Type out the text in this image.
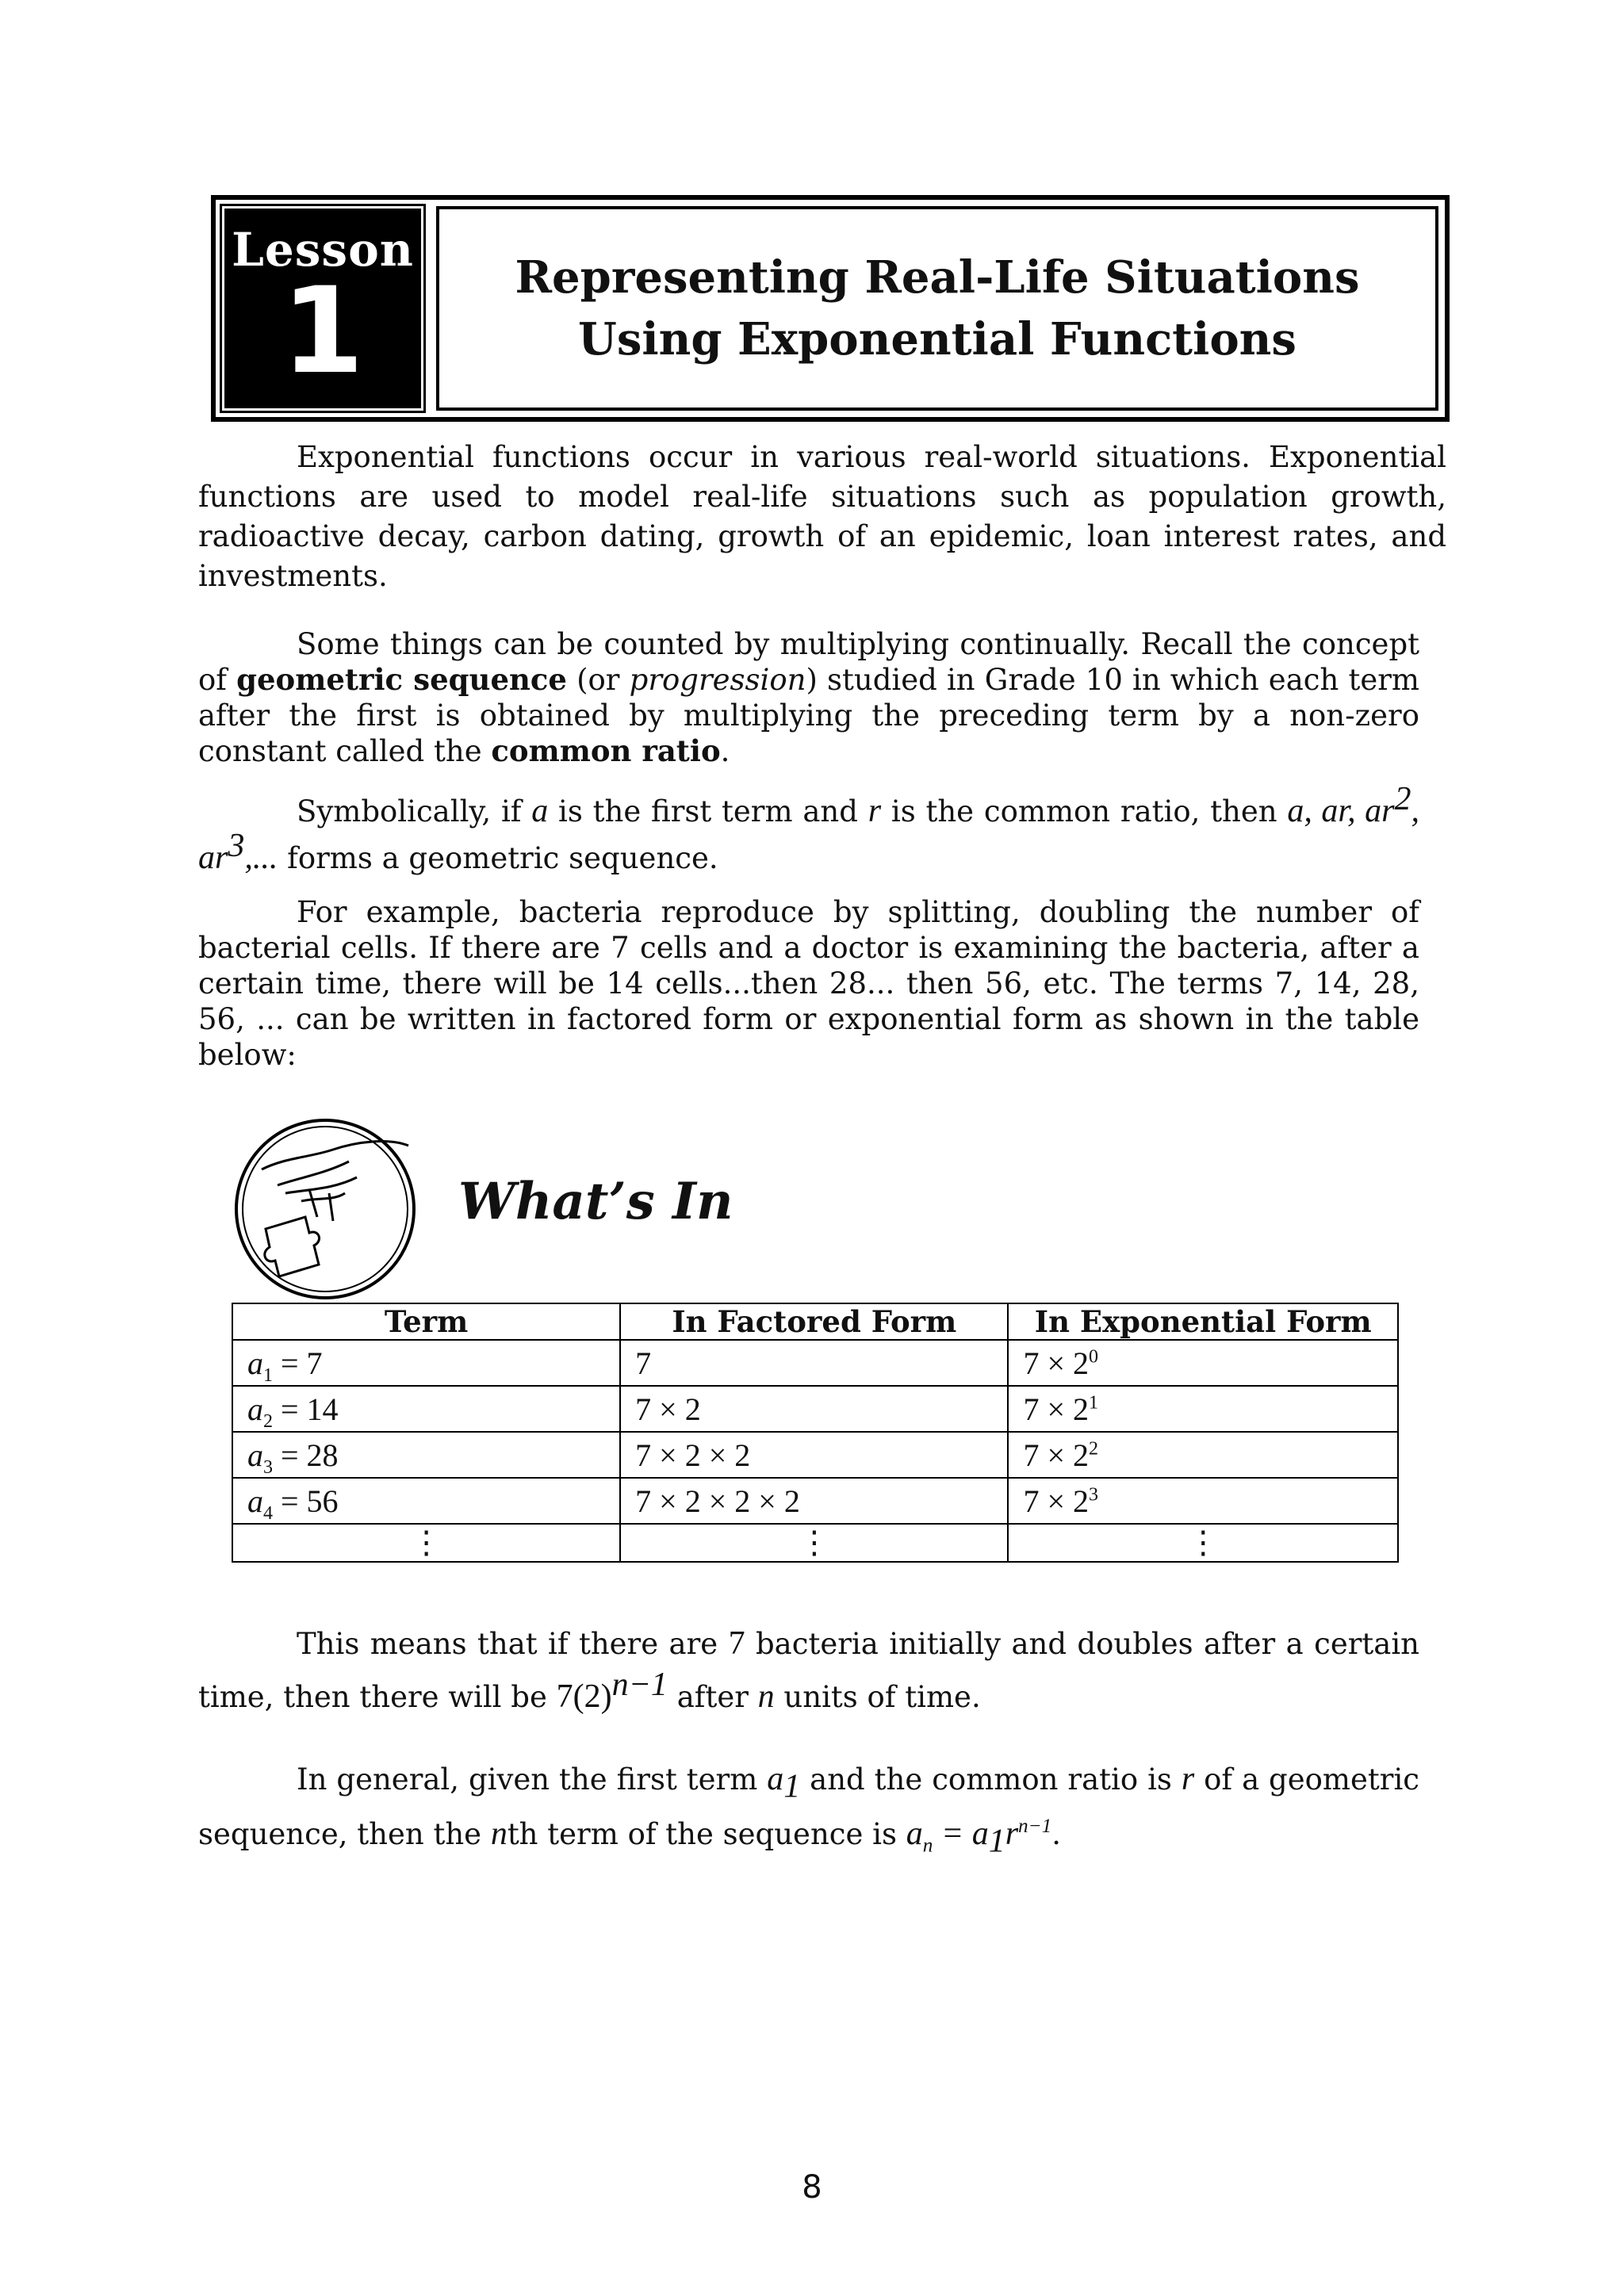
Lesson
1	Representing Real-Life Situations
Using Exponential Functions
Exponential functions occur in various real-world situations. Exponential functions are used to model real-life situations such as population growth, radioactive decay, carbon dating, growth of an epidemic, loan interest rates, and investments.
Some things can be counted by multiplying continually. Recall the concept of geometric sequence (or progression) studied in Grade 10 in which each term after the first is obtained by multiplying the preceding term by a non-zero constant called the common ratio.
Symbolically, if a is the first term and r is the common ratio, then a, ar, $ar^2$, $ar^3$,... forms a geometric sequence.
For example, bacteria reproduce by splitting, doubling the number of bacterial cells. If there are 7 cells and a doctor is examining the bacteria, after a certain time, there will be 14 cells...then 28... then 56, etc. The terms 7, 14, 28, 56, ... can be written in factored form or exponential form as shown in the table below:
What’s In
Term	In Factored Form	In Exponential Form
$a_1 = 7$	7	$7 \times 2^0$
$a_2 = 14$	7 × 2	$7 \times 2^1$
$a_3 = 28$	7 × 2 × 2	$7 \times 2^2$
$a_4 = 56$	7 × 2 × 2 × 2	$7 \times 2^3$
⋮	⋮	⋮
This means that if there are 7 bacteria initially and doubles after a certain time, then there will be $7(2)^{n-1}$ after n units of time.
In general, given the first term $a_1$ and the common ratio is r of a geometric sequence, then the nth term of the sequence is $a_n = a_1r^{n-1}$.
8
